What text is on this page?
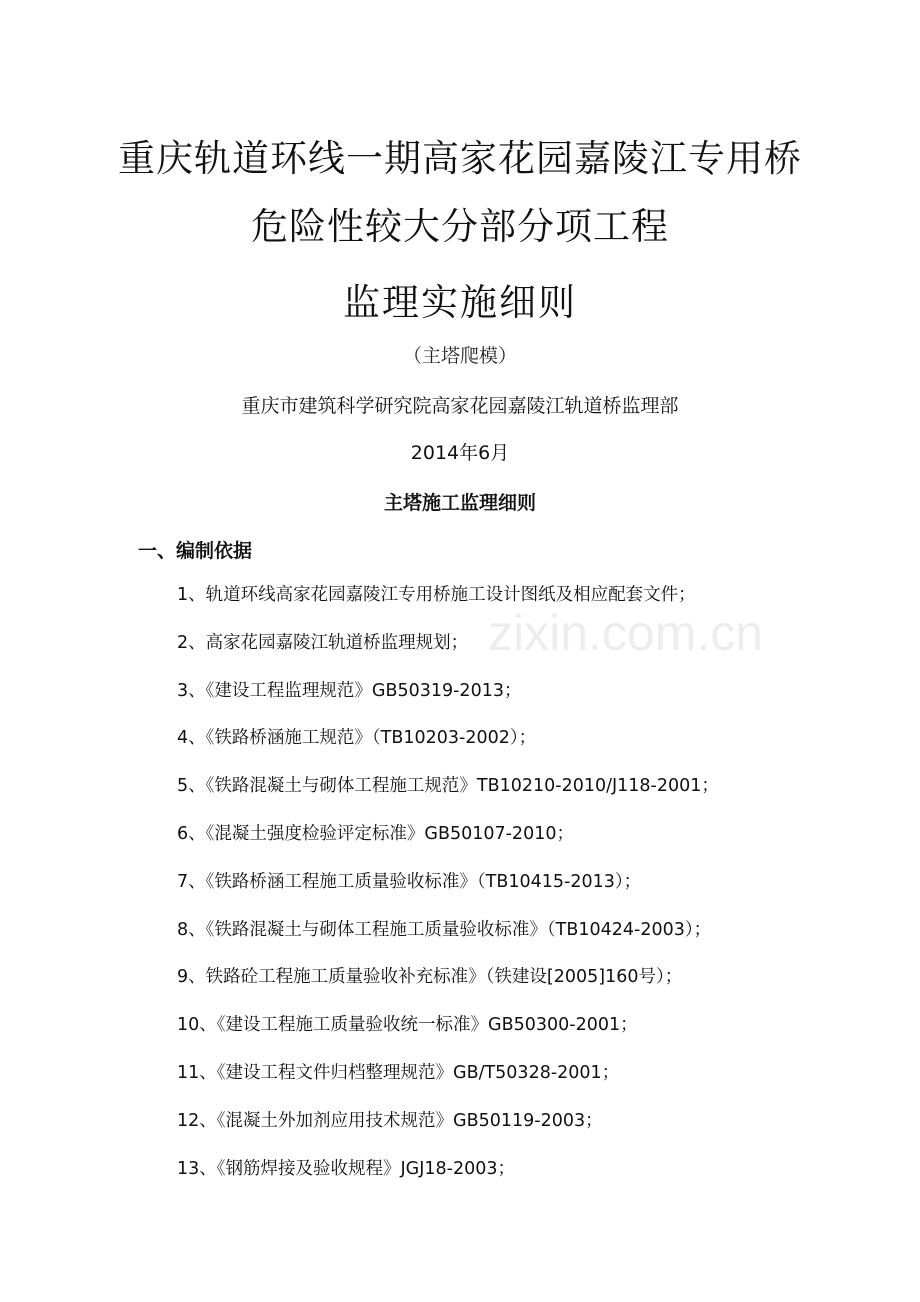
重庆轨道环线一期高家花园嘉陵江专用桥
危险性较大分部分项工程
监理实施细则
（主塔爬模）
重庆市建筑科学研究院高家花园嘉陵江轨道桥监理部
2014年6月
主塔施工监理细则
一、编制依据
1、轨道环线高家花园嘉陵江专用桥施工设计图纸及相应配套文件；
2、高家花园嘉陵江轨道桥监理规划；
3、《建设工程监理规范》GB50319-2013；
4、《铁路桥涵施工规范》（TB10203-2002）；
5、《铁路混凝土与砌体工程施工规范》TB10210-2010/J118-2001；
6、《混凝土强度检验评定标准》GB50107-2010；
7、《铁路桥涵工程施工质量验收标准》（TB10415-2013）；
8、《铁路混凝土与砌体工程施工质量验收标准》（TB10424-2003）；
9、铁路砼工程施工质量验收补充标准》（铁建设[2005]160号）；
10、《建设工程施工质量验收统一标准》GB50300-2001；
11、《建设工程文件归档整理规范》GB/T50328-2001；
12、《混凝土外加剂应用技术规范》GB50119-2003；
13、《钢筋焊接及验收规程》JGJ18-2003；
zixin.com.cn
